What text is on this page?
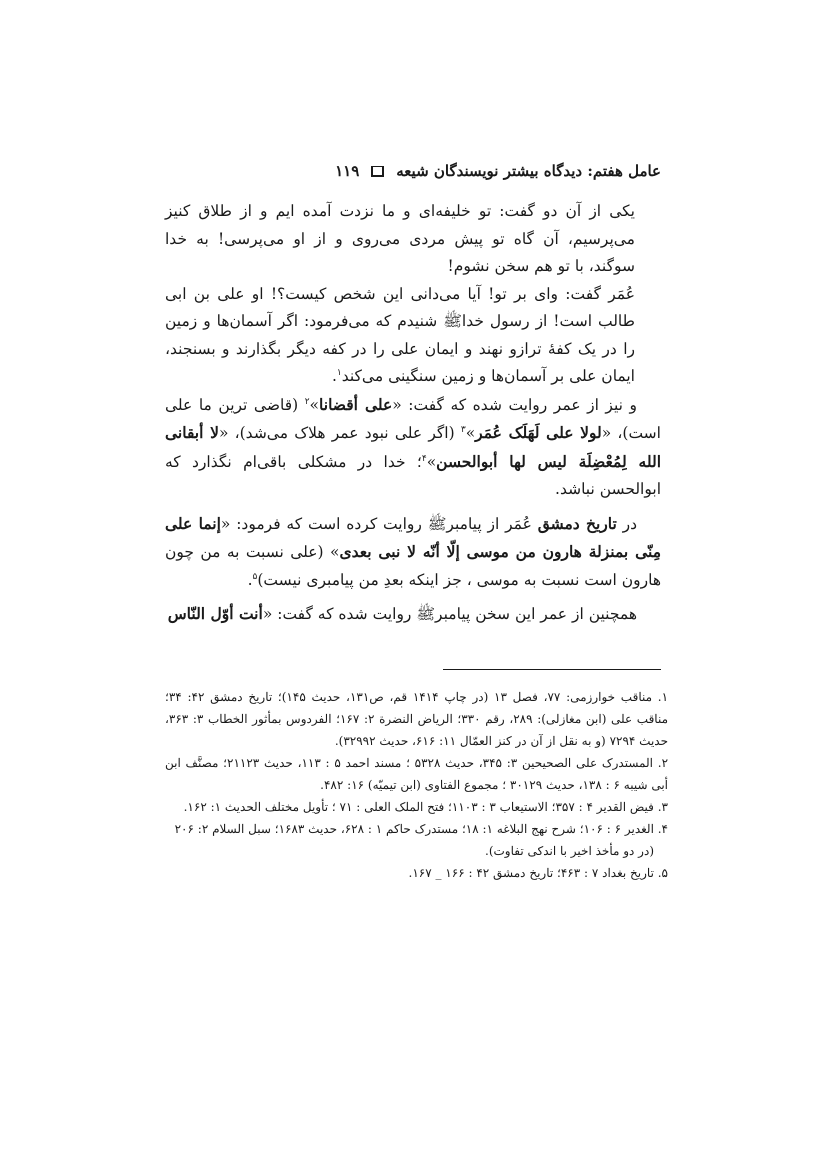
عامل هفتم: دیدگاه بیشتر نویسندگان شیعه
۱۱۹

یکی از آن دو گفت: تو خلیفه‌ای و ما نزدت آمده ایم و از طلاق کنیز می‌پرسیم، آن گاه تو پیش مردی می‌روی و از او می‌پرسی! به خدا سوگند، با تو هم سخن نشوم!

عُمَر گفت: وای بر تو! آیا می‌دانی این شخص کیست؟! او علی بن ابی طالب است! از رسول خداﷺ شنیدم که می‌فرمود: اگر آسمان‌ها و زمین را در یک کفهٔ ترازو نهند و ایمان علی را در کفه دیگر بگذارند و بسنجند، ایمان علی بر آسمان‌ها و زمین سنگینی می‌کند$^۱$.

و نیز از عمر روایت شده که گفت: «علی أقضانا»$^۲$ (قاضی ترین ما علی است)، «لولا علی لَهَلَک عُمَر»$^۳$ (اگر علی نبود عمر هلاک می‌شد)، «لا أبقانی الله لِمُعْضِلَة لیس لها أبوالحسن»$^۴$؛ خدا در مشکلی باقی‌ام نگذارد که ابوالحسن نباشد.

در تاریخ دمشق عُمَر از پیامبرﷺ روایت کرده است که فرمود: «إنما علی مِنّی بمنزلة هارون من موسی إلّا أنّه لا نبی بعدی» (علی نسبت به من چون هارون است نسبت به موسی ، جز اینکه بعدِ من پیامبری نیست)$^۵$.

همچنین از عمر این سخن پیامبرﷺ روایت شده که گفت: «أنت أوّل النّاس

۱. مناقب خوارزمی: ۷۷، فصل ۱۳ (در چاپ ۱۴۱۴ قم، ص۱۳۱، حدیث ۱۴۵)؛ تاریخ دمشق ۴۲: ۳۴؛ مناقب علی (ابن مغازلی): ۲۸۹، رقم ۳۳۰؛ الریاض النضرة ۲: ۱۶۷؛ الفردوس بمأثور الخطاب ۳: ۳۶۳، حدیث ۷۲۹۴ (و به نقل از آن در کنز العمّال ۱۱: ۶۱۶، حدیث ۳۲۹۹۲).

۲. المستدرک علی الصحیحین ۳: ۳۴۵، حدیث ۵۳۲۸ ؛ مسند احمد ۵ : ۱۱۳، حدیث ۲۱۱۲۳؛ مصنَّف ابن أبی شیبه ۶ : ۱۳۸، حدیث ۳۰۱۲۹ ؛ مجموع الفتاوی (ابن تیمیّه) ۱۶: ۴۸۲.

۳. فیض القدیر ۴ : ۳۵۷؛ الاستیعاب ۳ : ۱۱۰۳؛ فتح الملک العلی : ۷۱ ؛ تأویل مختلف الحدیث ۱: ۱۶۲.

۴. الغدیر ۶ : ۱۰۶؛ شرح نهج البلاغه ۱: ۱۸؛ مستدرک حاکم ۱ : ۶۲۸، حدیث ۱۶۸۳؛ سبل السلام ۲: ۲۰۶

(در دو مأخذ اخیر با اندکی تفاوت).

۵. تاریخ بغداد ۷ : ۴۶۳؛ تاریخ دمشق ۴۲ : ۱۶۶ _ ۱۶۷.
